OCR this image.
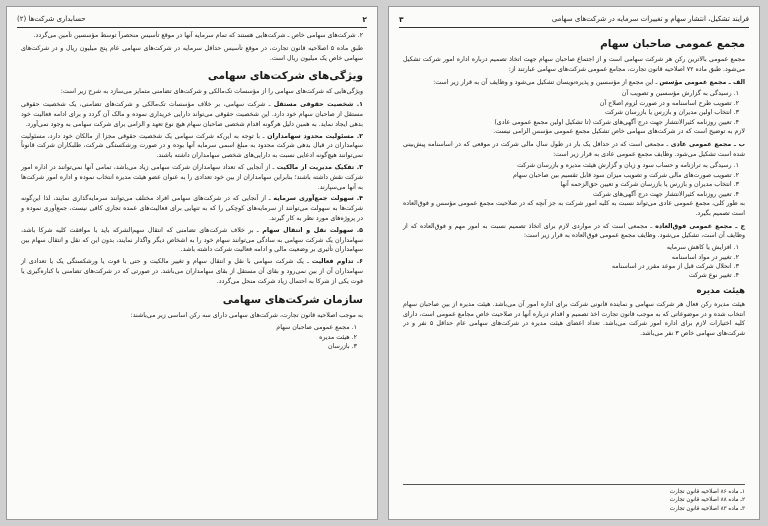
۲
حسابداری شرکت‌ها (۲)

۲. شرکت‌های سهامی خاص ـ شرکت‌هایی هستند که تمام سرمایه آنها در موقع تأسیس منحصراً توسط مؤسسین تأمین می‌گردد.

طبق ماده ۵ اصلاحیه قانون تجارت، در موقع تأسیس حداقل سرمایه در شرکت‌های سهامی عام پنج میلیون ریال و در شرکت‌های سهامی خاص یک میلیون ریال است.

ویژگی‌های شرکت‌های سهامی

ویژگی‌هایی که شرکت‌های سهامی را از مؤسسات تک‌مالکی و شرکت‌های تضامنی متمایز می‌سازد به شرح زیر است:

۱. شخصیت حقوقی مستقل ـ شرکت سهامی، بر خلاف مؤسسات تک‌مالکی و شرکت‌های تضامنی، یک شخصیت حقوقی مستقل از صاحبان سهام خود دارد. این شخصیت حقوقی می‌تواند دارایی خریداری نموده و مالک آن گردد و برای ادامه فعالیت خود بدهی ایجاد نماید. به همین دلیل هرگونه اقدام شخصی صاحبان سهام هیچ نوع تعهد و الزامی برای شرکت سهامی به وجود نمی‌آورد.

۲. مسئولیت محدود سهامداران ـ با توجه به این‌که شرکت سهامی یک شخصیت حقوقی مجزا از مالکان خود دارد، مسئولیت سهامداران در قبال بدهی شرکت محدود به مبلغ اسمی سرمایه آنها بوده و در صورت ورشکستگی شرکت، طلبکاران شرکت قانوناً نمی‌توانند هیچ‌گونه ادعایی نسبت به دارایی‌های شخصی سهامداران داشته باشند.

۳. تفکیک مدیریت از مالکیت ـ از آنجایی که تعداد سهامداران شرکت سهامی زیاد می‌باشد، تمامی آنها نمی‌توانند در اداره امور شرکت نقش داشته باشند؛ بنابراین سهامداران از بین خود تعدادی را به عنوان عضو هیئت مدیره انتخاب نموده و اداره امور شرکت‌ها به آنها می‌سپارند.

۴. سهولت جمع‌آوری سرمایه ـ از آنجایی که در شرکت‌های سهامی افراد مختلف می‌توانند سرمایه‌گذاری نمایند، لذا این‌گونه شرکت‌ها به سهولت می‌توانند از سرمایه‌های کوچکی را که به تنهایی برای فعالیت‌های عمده تجاری کافی نیست، جمع‌آوری نموده و در پروژه‌های مورد نظر به کار گیرند.

۵. سهولت نقل و انتقال سهام ـ بر خلاف شرکت‌های تضامنی که انتقال سهم‌الشرکه باید با موافقت کلیه شرکا باشد، سهامداران یک شرکت سهامی به سادگی می‌توانند سهام خود را به اشخاص دیگر واگذار نمایند، بدون این که نقل و انتقال سهام بین سهامداران تأثیری بر وضعیت مالی و ادامه فعالیت شرکت داشته باشد.

۶. تداوم فعالیت ـ یک شرکت سهامی با نقل و انتقال سهام و تغییر مالکیت و حتی با فوت یا ورشکستگی یک یا تعدادی از سهامداران آن از بین نمی‌رود و بقای آن مستقل از بقای سهامداران می‌باشد. در صورتی که در شرکت‌های تضامنی با کناره‌گیری یا فوت یکی از شرکا به احتمال زیاد شرکت منحل می‌گردد.

سازمان شرکت‌های سهامی

به موجب اصلاحیه قانون تجارت، شرکت‌های سهامی دارای سه رکن اساسی زیر می‌باشند:

۱. مجمع عمومی صاحبان سهام
۲. هیئت مدیره
۳. بازرسان
فرایند تشکیل، انتشار سهام و تغییرات سرمایه در شرکت‌های سهامی
۳
مجمع عمومی صاحبان سهام

مجمع عمومی بالاترین رکن هر شرکت سهامی است و از اجتماع صاحبان سهام جهت اتخاذ تصمیم درباره اداره امور شرکت تشکیل می‌شود. طبق ماده ۷۲ اصلاحیه قانون تجارت، مجامع عمومی شرکت‌های سهامی عبارتند از:

الف ـ مجمع عمومی مؤسس ـ این مجمع از مؤسسین و پذیره‌نویسان تشکیل می‌شود و وظایف آن به قرار زیر است:

۱. رسیدگی به گزارش مؤسسین و تصویب آن
۲. تصویب طرح اساسنامه و در صورت لزوم اصلاح آن
۳. انتخاب اولین مدیران و بازرس یا بازرسان شرکت
۴. تعیین روزنامه کثیرالانتشار جهت درج آگهی‌های شرکت (تا تشکیل اولین مجمع عمومی عادی)

لازم به توضیح است که در شرکت‌های سهامی خاص تشکیل مجمع عمومی مؤسس الزامی نیست.

ب ـ مجمع عمومی عادی ـ مجمعی است که در حداقل یک بار در طول سال مالی شرکت در موقعی که در اساسنامه پیش‌بینی شده است تشکیل می‌شود. وظایف مجمع عمومی عادی به قرار زیر است:

۱. رسیدگی به ترازنامه و حساب سود و زیان و گزارش هیئت مدیره و بازرسان شرکت
۲. تصویب صورت‌های مالی شرکت و تصویب میزان سود قابل تقسیم بین صاحبان سهام
۳. انتخاب مدیران و بازرس یا بازرسان شرکت و تعیین حق‌الزحمه آنها
۴. تعیین روزنامه کثیرالانتشار جهت درج آگهی‌های شرکت

به طور کلی، مجمع عمومی عادی می‌تواند نسبت به کلیه امور شرکت به جز آنچه که در صلاحیت مجمع عمومی مؤسس و فوق‌العاده است تصمیم بگیرد.

ج ـ مجمع عمومی فوق‌العاده ـ مجمعی است که در مواردی لازم برای اتخاذ تصمیم نسبت به امور مهم و فوق‌العاده که از وظایف آن است، تشکیل می‌شود. وظایف مجمع عمومی فوق‌العاده به قرار زیر است:

۱. افزایش یا کاهش سرمایه
۲. تغییر در مواد اساسنامه
۳. انحلال شرکت قبل از موعد مقرر در اساسنامه
۴. تغییر نوع شرکت
هیئت مدیره

هیئت مدیره رکن فعال هر شرکت سهامی و نماینده قانونی شرکت برای اداره امور آن می‌باشد. هیئت مدیره از بین صاحبان سهام انتخاب شده و در موضوعاتی که به موجب قانون تجارت اخذ تصمیم و اقدام درباره آنها در صلاحیت خاص مجامع عمومی است، دارای کلیه اختیارات لازم برای اداره امور شرکت می‌باشد. تعداد اعضای هیئت مدیره در شرکت‌های سهامی عام حداقل ۵ نفر و در شرکت‌های سهامی خاص ۳ نفر می‌باشد.

۱ـ ماده ۸۶ اصلاحیه قانون تجارت

۲ـ ماده ۸۸ اصلاحیه قانون تجارت

۳ـ ماده ۸۳ اصلاحیه قانون تجارت
